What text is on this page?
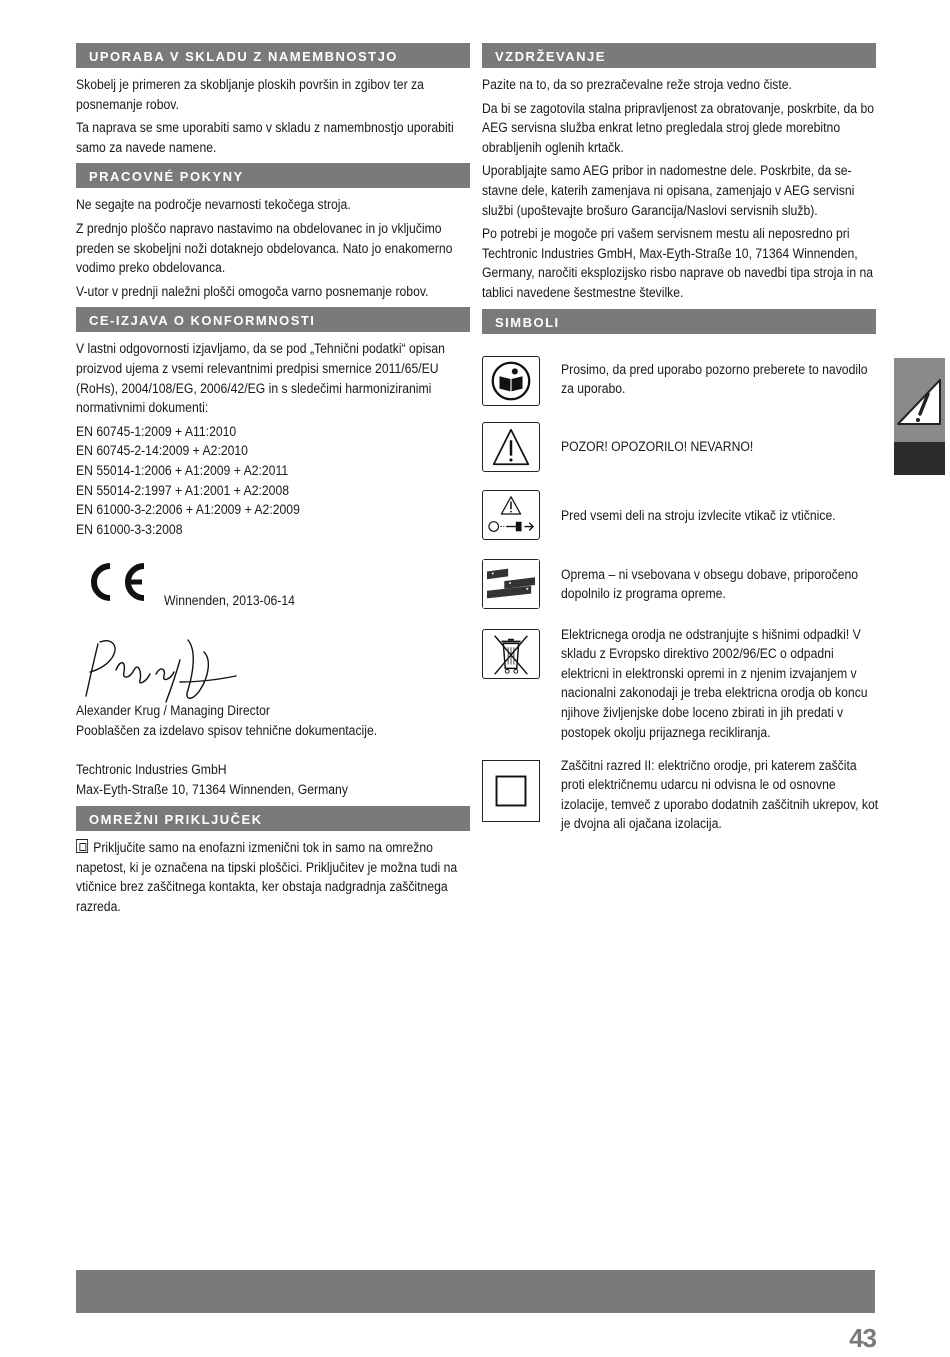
UPORABA V SKLADU Z NAMEMBNOSTJO

Skobelj je primeren za skobljanje ploskih površin in zgibov ter za posnemanje robov.

Ta naprava se sme uporabiti samo v skladu z namembnostjo uporabiti samo za navede namene.

PRACOVNÉ POKYNY

Ne segajte na področje nevarnosti tekočega stroja.

Z prednjo ploščo napravo nastavimo na obdelovanec in jo vključimo preden se skobeljni noži dotaknejo obdelovanca. Nato jo enakomerno vodimo preko obdelovanca.

V-utor v prednji naležni plošči omogoča varno posnemanje robov.

CE-IZJAVA O KONFORMNOSTI

V lastni odgovornosti izjavljamo, da se pod „Tehnični podatki“ opisan proizvod ujema z vsemi relevantnimi predpisi smernice 2011/65/EU (RoHs), 2004/108/EG, 2006/42/EG in s sledečimi harmoniziranimi normativnimi dokumenti:

EN 60745-1:2009 + A11:2010
EN 60745-2-14:2009 + A2:2010
EN 55014-1:2006 + A1:2009 + A2:2011
EN 55014-2:1997 + A1:2001 + A2:2008
EN 61000-3-2:2006 + A1:2009 + A2:2009
EN 61000-3-3:2008
Winnenden, 2013-06-14
Alexander Krug / Managing Director
Pooblaščen za izdelavo spisov tehnične dokumentacije.
Techtronic Industries GmbH
Max-Eyth-Straße 10, 71364 Winnenden, Germany
OMREŽNI PRIKLJUČEK

Priključite samo na enofazni izmenični tok in samo na omrežno napetost, ki je označena na tipski ploščici. Priključitev je možna tudi na vtičnice brez zaščitnega kontakta, ker obstaja nadgradnja zaščitnega razreda.

VZDRŽEVANJE

Pazite na to, da so prezračevalne reže stroja vedno čiste.

Da bi se zagotovila stalna pripravljenost za obratovanje, poskrbite, da bo AEG servisna služba enkrat letno pregledala stroj glede morebitno obrabljenih oglenih krtačk.

Uporabljajte samo AEG pribor in nadomestne dele. Poskrbite, da se-stavne dele, katerih zamenjava ni opisana, zamenjajo v AEG servisni službi (upoštevajte brošuro Garancija/Naslovi servisnih služb).

Po potrebi je mogoče pri vašem servisnem mestu ali neposredno pri Techtronic Industries GmbH, Max-Eyth-Straße 10, 71364 Winnenden, Germany, naročiti eksplozijsko risbo naprave ob navedbi tipa stroja in na tablici navedene šestmestne številke.

SIMBOLI

Prosimo, da pred uporabo pozorno preberete to navodilo za uporabo.

POZOR! OPOZORILO! NEVARNO!

Pred vsemi deli na stroju izvlecite vtikač iz vtičnice.

Oprema – ni vsebovana v obsegu dobave, priporočeno dopolnilo iz programa opreme.

Elektricnega orodja ne odstranjujte s hišnimi odpadki! V skladu z Evropsko direktivo 2002/96/EC o odpadni elektricni in elektronski opremi in z njenim izvajanjem v nacionalni zakonodaji je treba elektricna orodja ob koncu njihove življenjske dobe loceno zbirati in jih predati v postopek okolju prijaznega recikliranja.

Zaščitni razred II: električno orodje, pri katerem zaščita proti električnemu udarcu ni odvisna le od osnovne izolacije, temveč z uporabo dodatnih zaščitnih ukrepov, kot je dvojna ali ojačana izolacija.

43
